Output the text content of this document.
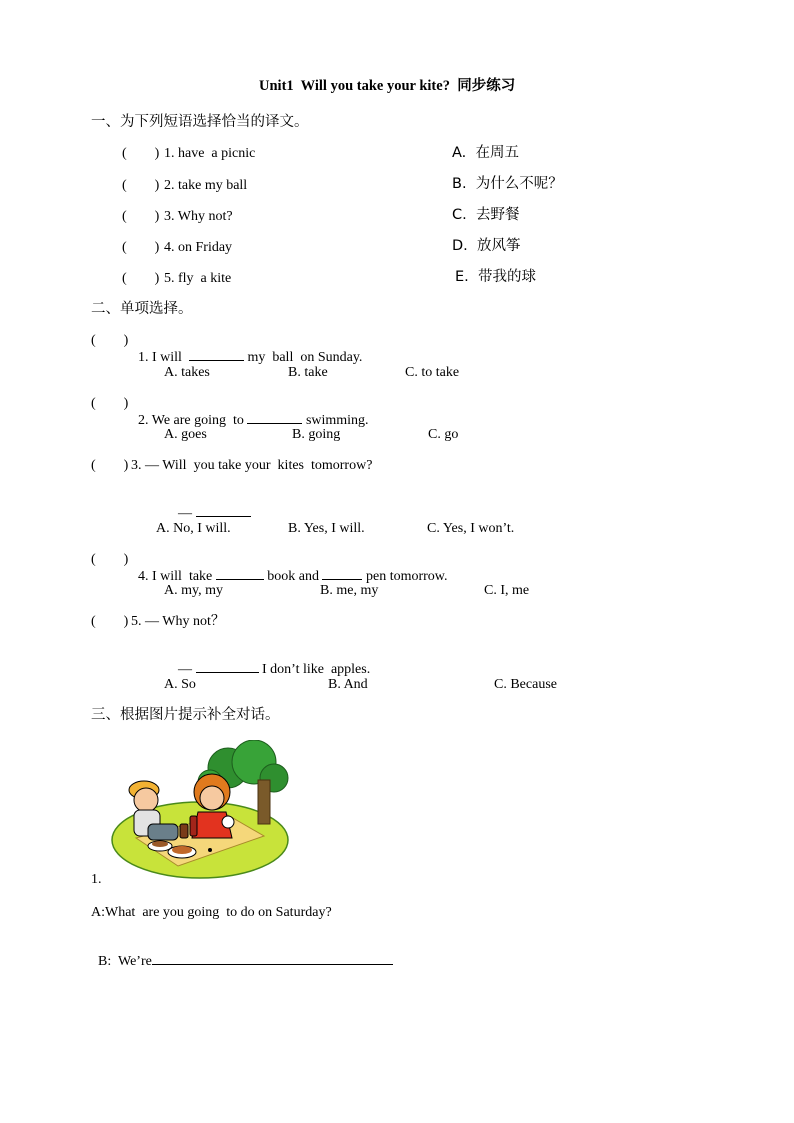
Unit1  Will you take your kite?  同步练习
一、为下列短语选择恰当的译文。
(        ) 1. have  a picnic	A.  在周五
(        ) 2. take my ball	B.  为什么不呢？
(        ) 3. Why not?	C.  去野餐
(        ) 4. on Friday	D.  放风筝
(        ) 5. fly  a kite	E.  带我的球
二、单项选择。
(        )

1. I will	my  ball  on Sunday.

A. takes	B. take	C. to take
(        )

2. We are going  to	swimming.

A. goes	B. going	C. go
(        ) 3. — Will  you take your  kites  tomorrow?

—

A. No, I will.	B. Yes, I will.	C. Yes, I won’t.
(        )

4. I will  take	book and	pen tomorrow.

A. my, my	B. me, my	C. I, me
(        ) 5. — Why not？

—	I don’t like  apples.

A. So	B. And	C. Because
三、根据图片提示补全对话。
1.
A:What  are you going  to do on Saturday?

B:  We’re
